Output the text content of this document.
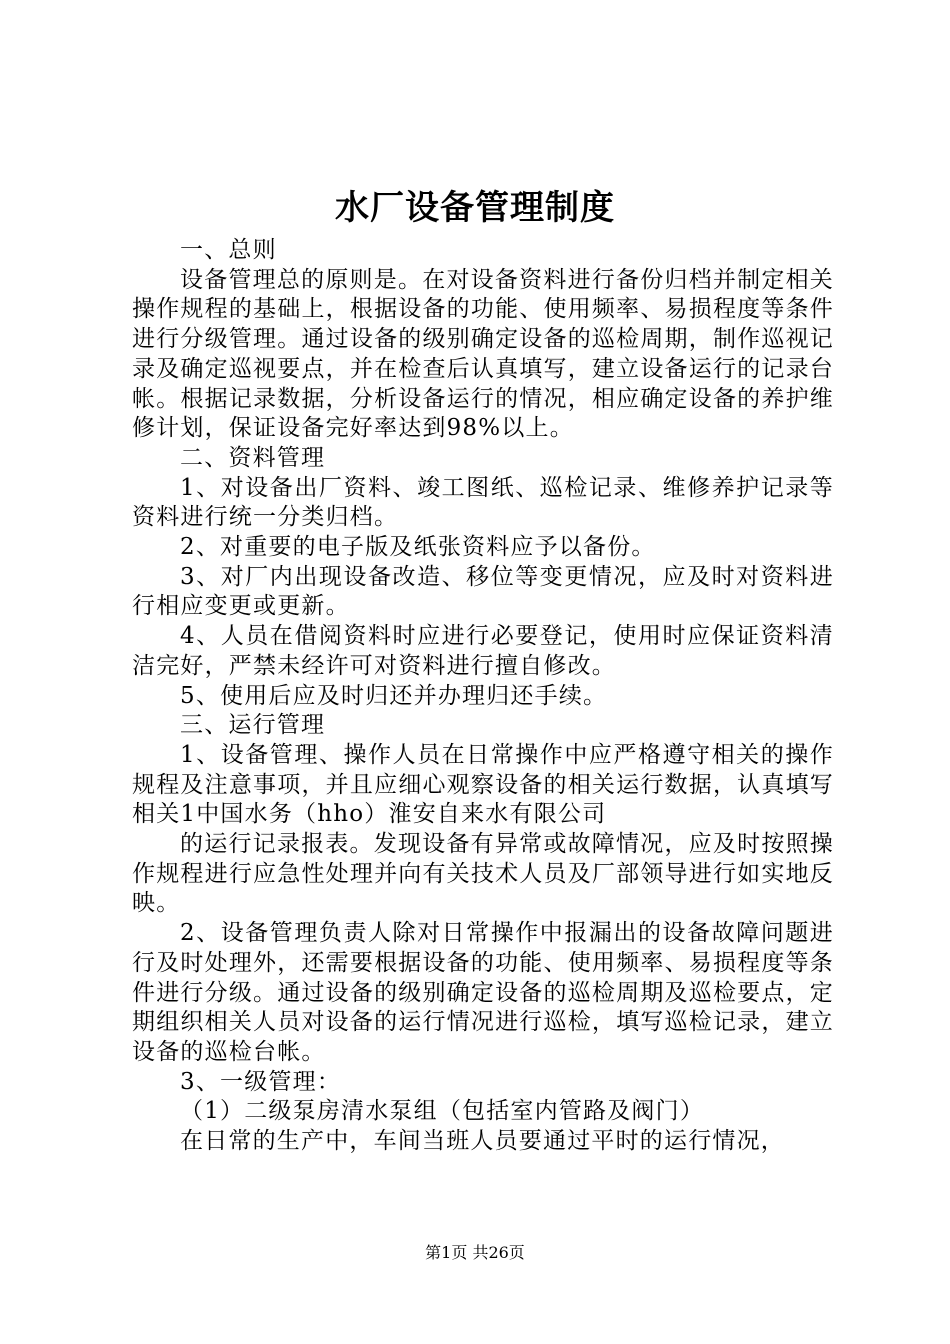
水厂设备管理制度

一、总则

设备管理总的原则是。在对设备资料进行备份归档并制定相关操作规程的基础上，根据设备的功能、使用频率、易损程度等条件进行分级管理。通过设备的级别确定设备的巡检周期，制作巡视记录及确定巡视要点，并在检查后认真填写，建立设备运行的记录台帐。根据记录数据，分析设备运行的情况，相应确定设备的养护维修计划，保证设备完好率达到98%以上。

二、资料管理

1、对设备出厂资料、竣工图纸、巡检记录、维修养护记录等资料进行统一分类归档。

2、对重要的电子版及纸张资料应予以备份。

3、对厂内出现设备改造、移位等变更情况，应及时对资料进行相应变更或更新。

4、人员在借阅资料时应进行必要登记，使用时应保证资料清洁完好，严禁未经许可对资料进行擅自修改。

5、使用后应及时归还并办理归还手续。

三、运行管理

1、设备管理、操作人员在日常操作中应严格遵守相关的操作规程及注意事项，并且应细心观察设备的相关运行数据，认真填写相关1中国水务（hho）淮安自来水有限公司

的运行记录报表。发现设备有异常或故障情况，应及时按照操作规程进行应急性处理并向有关技术人员及厂部领导进行如实地反映。

2、设备管理负责人除对日常操作中报漏出的设备故障问题进行及时处理外，还需要根据设备的功能、使用频率、易损程度等条件进行分级。通过设备的级别确定设备的巡检周期及巡检要点，定期组织相关人员对设备的运行情况进行巡检，填写巡检记录，建立设备的巡检台帐。

3、一级管理：

（1）二级泵房清水泵组（包括室内管路及阀门）

在日常的生产中，车间当班人员要通过平时的运行情况，

第1页 共26页
